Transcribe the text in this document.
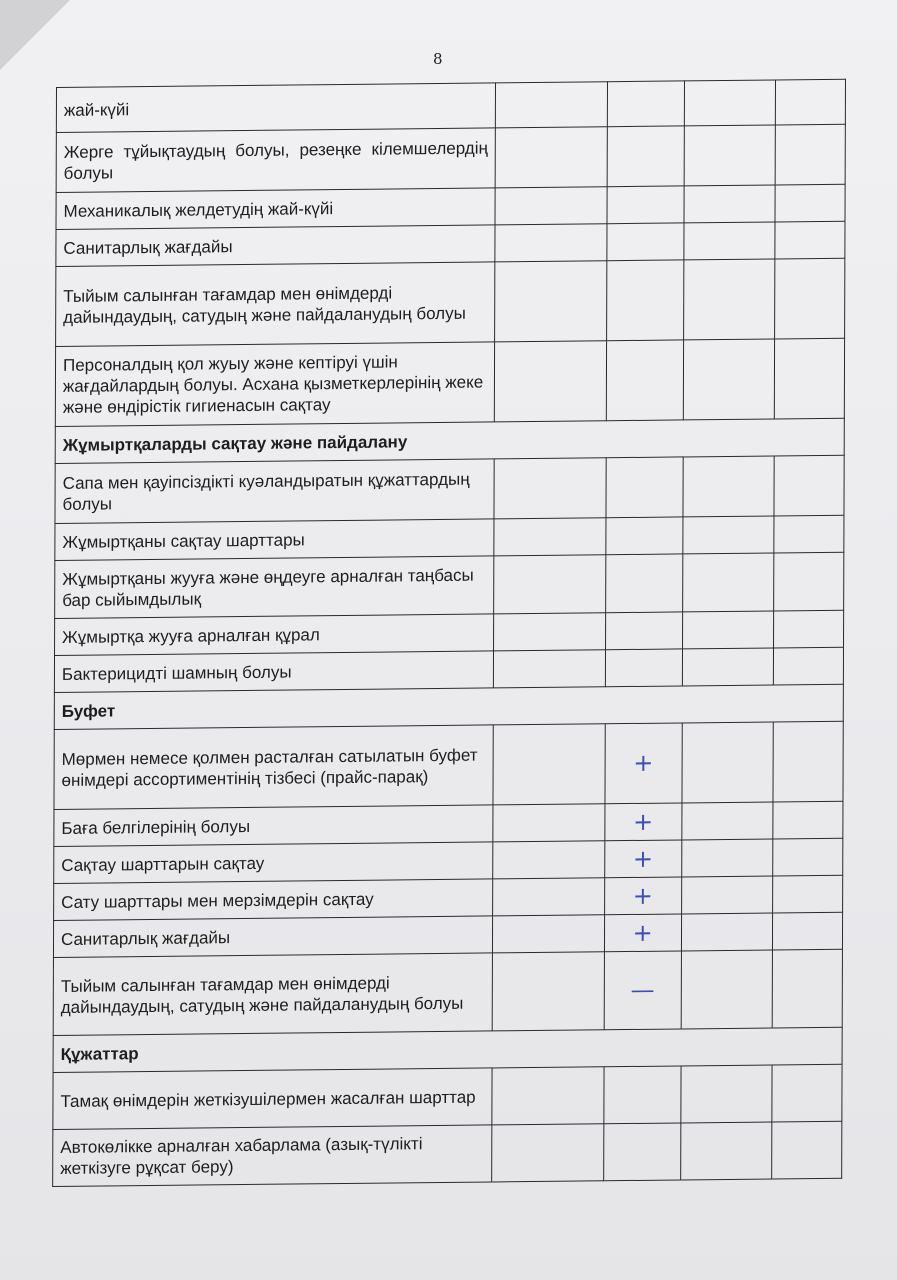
8
жай-күйі				
Жерге тұйықтаудың болуы, резеңке кілемшелердің болуы				
Механикалық желдетудің жай-күйі				
Санитарлық жағдайы				
Тыйым салынған тағамдар мен өнімдерді дайындаудың, сатудың және пайдаланудың болуы				
Персоналдың қол жуыу және кептіруі үшін жағдайлардың болуы. Асхана қызметкерлерінің жеке және өндірістік гигиенасын сақтау				
Жұмыртқаларды сақтау және пайдалану				
Сапа мен қауіпсіздікті куәландыратын құжаттардың болуы				
Жұмыртқаны сақтау шарттары				
Жұмыртқаны жууға және өңдеуге арналған таңбасы бар сыйымдылық				
Жұмыртқа жууға арналған құрал				
Бактерицидті шамның болуы				
Буфет				
Мөрмен немесе қолмен расталған сатылатын буфет өнімдері ассортиментінің тізбесі (прайс-парақ)		+		
Баға белгілерінің болуы		+		
Сақтау шарттарын сақтау		+		
Сату шарттары мен мерзімдерін сақтау		+		
Санитарлық жағдайы		+		
Тыйым салынған тағамдар мен өнімдерді дайындаудың, сатудың және пайдаланудың болуы		—		
Құжаттар				
Тамақ өнімдерін жеткізушілермен жасалған шарттар				
Автокөлікке арналған хабарлама (азық-түлікті жеткізуге рұқсат беру)				
